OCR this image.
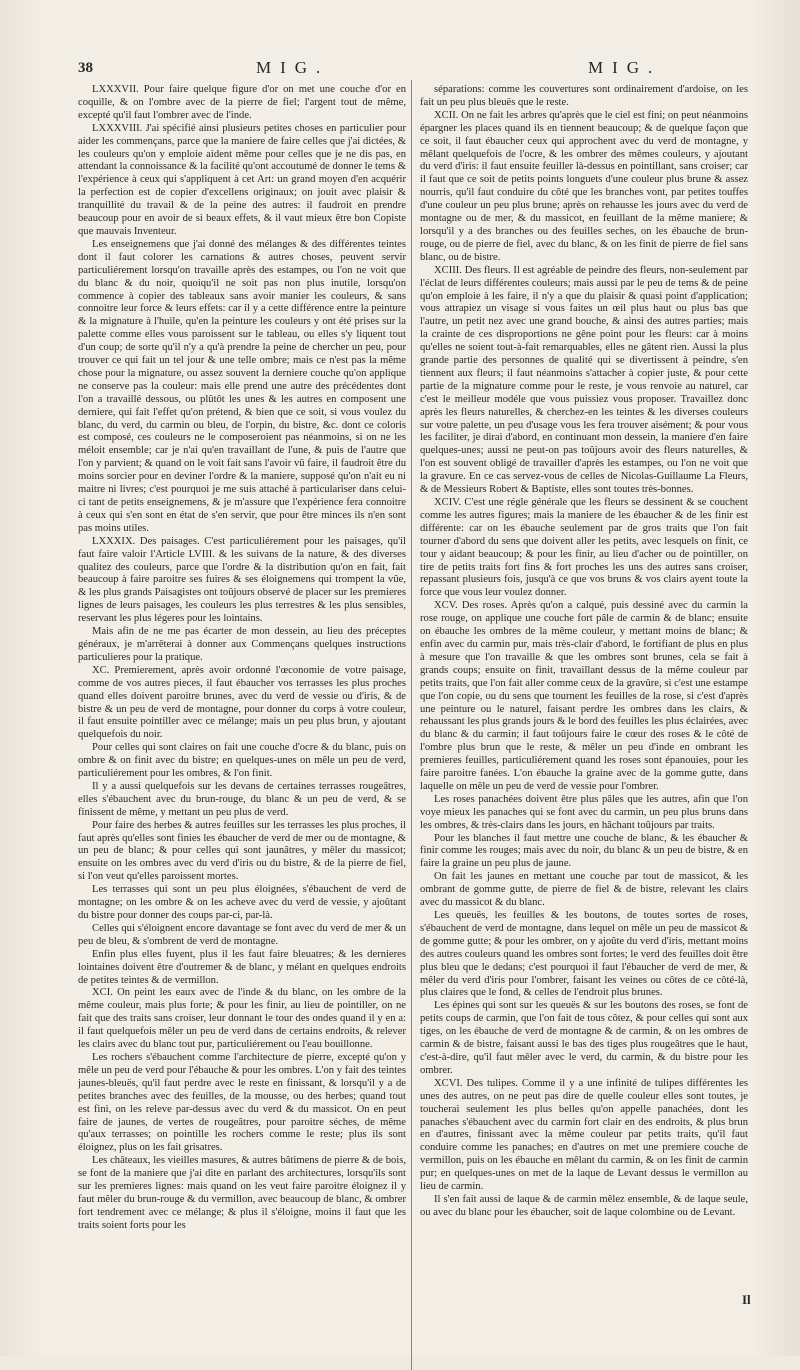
38	MIG.	MIG.

LXXXVII. Pour faire quelque figure d'or on met une couche d'or en coquille, & on l'ombre avec de la pierre de fiel; l'argent tout de même, excepté qu'il faut l'ombrer avec de l'inde.

LXXXVIII. J'ai spécifié ainsi plusieurs petites choses en particulier pour aider les commençans, parce que la maniere de faire celles que j'ai dictées, & les couleurs qu'on y emploie aident même pour celles que je ne dis pas, en attendant la connoissance & la facilité qu'ont accoutumé de donner le tems & l'expérience à ceux qui s'appliquent à cet Art: un grand moyen d'en acquérir la perfection est de copier d'excellens originaux; on jouit avec plaisir & tranquillité du travail & de la peine des autres: il faudroit en prendre beaucoup pour en avoir de si beaux effets, & il vaut mieux être bon Copiste que mauvais Inventeur.

Les enseignemens que j'ai donné des mélanges & des différentes teintes dont il faut colorer les carnations & autres choses, peuvent servir particuliérement lorsqu'on travaille après des estampes, ou l'on ne voit que du blanc & du noir, quoiqu'il ne soit pas non plus inutile, lorsqu'on commence à copier des tableaux sans avoir manier les couleurs, & sans connoitre leur force & leurs effets: car il y a cette différence entre la peinture & la mignature à l'huile, qu'en la peinture les couleurs y ont été prises sur la palette comme elles vous paroissent sur le tableau, ou elles s'y liquent tout d'un coup; de sorte qu'il n'y a qu'à prendre la peine de chercher un peu, pour trouver ce qui fait un tel jour & une telle ombre; mais ce n'est pas la même chose pour la mignature, ou assez souvent la derniere couche qu'on applique ne conserve pas la couleur: mais elle prend une autre des précédentes dont l'on a travaillé dessous, ou plûtôt les unes & les autres en composent une derniere, qui fait l'effet qu'on prétend, & bien que ce soit, si vous voulez du blanc, du verd, du carmin ou bleu, de l'orpin, du bistre, &c. dont ce coloris est composé, ces couleurs ne le composeroient pas néanmoins, si on ne les méloit ensemble; car je n'ai qu'en travaillant de l'une, & puis de l'autre que l'on y parvient; & quand on le voit fait sans l'avoir vû faire, il faudroit être du moins sorcier pour en deviner l'ordre & la maniere, supposé qu'on n'ait eu ni maitre ni livres; c'est pourquoi je me suis attaché à particulariser dans celui-ci tant de petits enseignemens, & je m'assure que l'expérience fera connoitre à ceux qui s'en sont en état de s'en servir, que pour être minces ils n'en sont pas moins utiles.

LXXXIX. Des paisages. C'est particuliérement pour les paisages, qu'il faut faire valoir l'Article LVIII. & les suivans de la nature, & des diverses qualitez des couleurs, parce que l'ordre & la distribution qu'on en fait, fait beaucoup à faire paroitre ses fuires & ses éloignemens qui trompent la vûe, & les plus grands Paisagistes ont toûjours observé de placer sur les premieres lignes de leurs paisages, les couleurs les plus terrestres & les plus sensibles, reservant les plus légeres pour les lointains.

Mais afin de ne me pas écarter de mon dessein, au lieu des préceptes généraux, je m'arrêterai à donner aux Commençans quelques instructions particulieres pour la pratique.

XC. Premierement, après avoir ordonné l'œconomie de votre paisage, comme de vos autres pieces, il faut ébaucher vos terrasses les plus proches quand elles doivent paroitre brunes, avec du verd de vessie ou d'iris, & de bistre & un peu de verd de montagne, pour donner du corps à votre couleur, il faut ensuite pointiller avec ce mélange; mais un peu plus brun, y ajoutant quelquefois du noir.

Pour celles qui sont claires on fait une couche d'ocre & du blanc, puis on ombre & on finit avec du bistre; en quelques-unes on mêle un peu de verd, particuliérement pour les ombres, & l'on finit.

Il y a aussi quelquefois sur les devans de certaines terrasses rougeâtres, elles s'ébauchent avec du brun-rouge, du blanc & un peu de verd, & se finissent de même, y mettant un peu plus de verd.

Pour faire des herbes & autres feuilles sur les terrasses les plus proches, il faut après qu'elles sont finies les ébaucher de verd de mer ou de montagne, & un peu de blanc; & pour celles qui sont jaunâtres, y mêler du massicot; ensuite on les ombres avec du verd d'iris ou du bistre, & de la pierre de fiel, si l'on veut qu'elles paroissent mortes.

Les terrasses qui sont un peu plus éloignées, s'ébauchent de verd de montagne; on les ombre & on les acheve avec du verd de vessie, y ajoûtant du bistre pour donner des coups par-ci, par-là.

Celles qui s'éloignent encore davantage se font avec du verd de mer & un peu de bleu, & s'ombrent de verd de montagne.

Enfin plus elles fuyent, plus il les faut faire bleuatres; & les dernieres lointaines doivent être d'outremer & de blanc, y mélant en quelques endroits de petites teintes & de vermillon.

XCI. On peint les eaux avec de l'inde & du blanc, on les ombre de la même couleur, mais plus forte; & pour les finir, au lieu de pointiller, on ne fait que des traits sans croiser, leur donnant le tour des ondes quand il y en a: il faut quelquefois mêler un peu de verd dans de certains endroits, & relever les clairs avec du blanc tout pur, particuliérement ou l'eau bouillonne.

Les rochers s'ébauchent comme l'architecture de pierre, excepté qu'on y mêle un peu de verd pour l'ébauche & pour les ombres. L'on y fait des teintes jaunes-bleuës, qu'il faut perdre avec le reste en finissant, & lorsqu'il y a de petites branches avec des feuilles, de la mousse, ou des herbes; quand tout est fini, on les releve par-dessus avec du verd & du massicot. On en peut faire de jaunes, de vertes de rougeâtres, pour paroitre séches, de même qu'aux terrasses; on pointille les rochers comme le reste; plus ils sont éloignez, plus on les fait grisatres.

Les châteaux, les vieilles masures, & autres bâtimens de pierre & de bois, se font de la maniere que j'ai dite en parlant des architectures, lorsqu'ils sont sur les premieres lignes: mais quand on les veut faire paroitre éloignez il y faut mêler du brun-rouge & du vermillon, avec beaucoup de blanc, & ombrer fort tendrement avec ce mélange; & plus il s'éloigne, moins il faut que les traits soient forts pour les

séparations: comme les couvertures sont ordinairement d'ardoise, on les fait un peu plus bleuës que le reste.

XCII. On ne fait les arbres qu'après que le ciel est fini; on peut néanmoins épargner les places quand ils en tiennent beaucoup; & de quelque façon que ce soit, il faut ébaucher ceux qui approchent avec du verd de montagne, y mêlant quelquefois de l'ocre, & les ombrer des mêmes couleurs, y ajoutant du verd d'iris: il faut ensuite feuiller là-dessus en pointillant, sans croiser; car il faut que ce soit de petits points longuets d'une couleur plus brune & assez nourris, qu'il faut conduire du côté que les branches vont, par petites touffes d'une couleur un peu plus brune; après on rehausse les jours avec du verd de montagne ou de mer, & du massicot, en feuillant de la même maniere; & lorsqu'il y a des branches ou des feuilles seches, on les ébauche de brun-rouge, ou de pierre de fiel, avec du blanc, & on les finit de pierre de fiel sans blanc, ou de bistre.

XCIII. Des fleurs. Il est agréable de peindre des fleurs, non-seulement par l'éclat de leurs différentes couleurs; mais aussi par le peu de tems & de peine qu'on emploie à les faire, il n'y a que du plaisir & quasi point d'application; vous attrapiez un visage si vous faites un œil plus haut ou plus bas que l'autre, un petit nez avec une grand bouche, & ainsi des autres parties; mais la crainte de ces disproportions ne gêne point pour les fleurs: car à moins qu'elles ne soient tout-à-fait remarquables, elles ne gâtent rien. Aussi la plus grande partie des personnes de qualité qui se divertissent à peindre, s'en tiennent aux fleurs; il faut néanmoins s'attacher à copier juste, & pour cette partie de la mignature comme pour le reste, je vous renvoie au naturel, car c'est le meilleur modéle que vous puissiez vous proposer. Travaillez donc après les fleurs naturelles, & cherchez-en les teintes & les diverses couleurs sur votre palette, un peu d'usage vous les fera trouver aisément; & pour vous les faciliter, je dirai d'abord, en continuant mon dessein, la maniere d'en faire quelques-unes; aussi ne peut-on pas toûjours avoir des fleurs naturelles, & l'on est souvent obligé de travailler d'après les estampes, ou l'on ne voit que la gravure. En ce cas servez-vous de celles de Nicolas-Guillaume La Fleurs, & de Messieurs Robert & Baptiste, elles sont toutes très-bonnes.

XCIV. C'est une régle générale que les fleurs se dessinent & se couchent comme les autres figures; mais la maniere de les ébaucher & de les finir est différente: car on les ébauche seulement par de gros traits que l'on fait tourner d'abord du sens que doivent aller les petits, avec lesquels on finit, ce tour y aidant beaucoup; & pour les finir, au lieu d'acher ou de pointiller, on tire de petits traits fort fins & fort proches les uns des autres sans croiser, repassant plusieurs fois, jusqu'à ce que vos bruns & vos clairs ayent toute la force que vous leur voulez donner.

XCV. Des roses. Après qu'on a calqué, puis dessiné avec du carmin la rose rouge, on applique une couche fort pâle de carmin & de blanc; ensuite on ébauche les ombres de la même couleur, y mettant moins de blanc; & enfin avec du carmin pur, mais très-clair d'abord, le fortifiant de plus en plus à mesure que l'on travaille & que les ombres sont brunes, cela se fait à grands coups; ensuite on finit, travaillant dessus de la même couleur par petits traits, que l'on fait aller comme ceux de la gravûre, si c'est une estampe que l'on copie, ou du sens que tournent les feuilles de la rose, si c'est d'après une peinture ou le naturel, faisant perdre les ombres dans les clairs, & rehaussant les plus grands jours & le bord des feuilles les plus éclairées, avec du blanc & du carmin; il faut toûjours faire le cœur des roses & le côté de l'ombre plus brun que le reste, & mêler un peu d'inde en ombrant les premieres feuilles, particuliérement quand les roses sont épanouies, pour les faire paroitre fanées. L'on ébauche la graine avec de la gomme gutte, dans laquelle on mêle un peu de verd de vessie pour l'ombrer.

Les roses panachées doivent être plus pâles que les autres, afin que l'on voye mieux les panaches qui se font avec du carmin, un peu plus bruns dans les ombres, & très-clairs dans les jours, en hâchant toûjours par traits.

Pour les blanches il faut mettre une couche de blanc, & les ébaucher & finir comme les rouges; mais avec du noir, du blanc & un peu de bistre, & en faire la graine un peu plus de jaune.

On fait les jaunes en mettant une couche par tout de massicot, & les ombrant de gomme gutte, de pierre de fiel & de bistre, relevant les clairs avec du massicot & du blanc.

Les queuës, les feuilles & les boutons, de toutes sortes de roses, s'ébauchent de verd de montagne, dans lequel on mêle un peu de massicot & de gomme gutte; & pour les ombrer, on y ajoûte du verd d'iris, mettant moins des autres couleurs quand les ombres sont fortes; le verd des feuilles doit être plus bleu que le dedans; c'est pourquoi il faut l'ébaucher de verd de mer, & mêler du verd d'iris pour l'ombrer, faisant les veines ou côtes de ce côté-là, plus claires que le fond, & celles de l'endroit plus brunes.

Les épines qui sont sur les queuës & sur les boutons des roses, se font de petits coups de carmin, que l'on fait de tous côtez, & pour celles qui sont aux tiges, on les ébauche de verd de montagne & de carmin, & on les ombres de carmin & de bistre, faisant aussi le bas des tiges plus rougeâtres que le haut, c'est-à-dire, qu'il faut mêler avec le verd, du carmin, & du bistre pour les ombrer.

XCVI. Des tulipes. Comme il y a une infinité de tulipes différentes les unes des autres, on ne peut pas dire de quelle couleur elles sont toutes, je toucherai seulement les plus belles qu'on appelle panachées, dont les panaches s'ébauchent avec du carmin fort clair en des endroits, & plus brun en d'autres, finissant avec la même couleur par petits traits, qu'il faut conduire comme les panaches; en d'autres on met une premiere couche de vermillon, puis on les ébauche en mêlant du carmin, & on les finit de carmin pur; en quelques-unes on met de la laque de Levant dessus le vermillon au lieu de carmin.

Il s'en fait aussi de laque & de carmin mêlez ensemble, & de laque seule, ou avec du blanc pour les ébaucher, soit de laque colombine ou de Levant.

Il
